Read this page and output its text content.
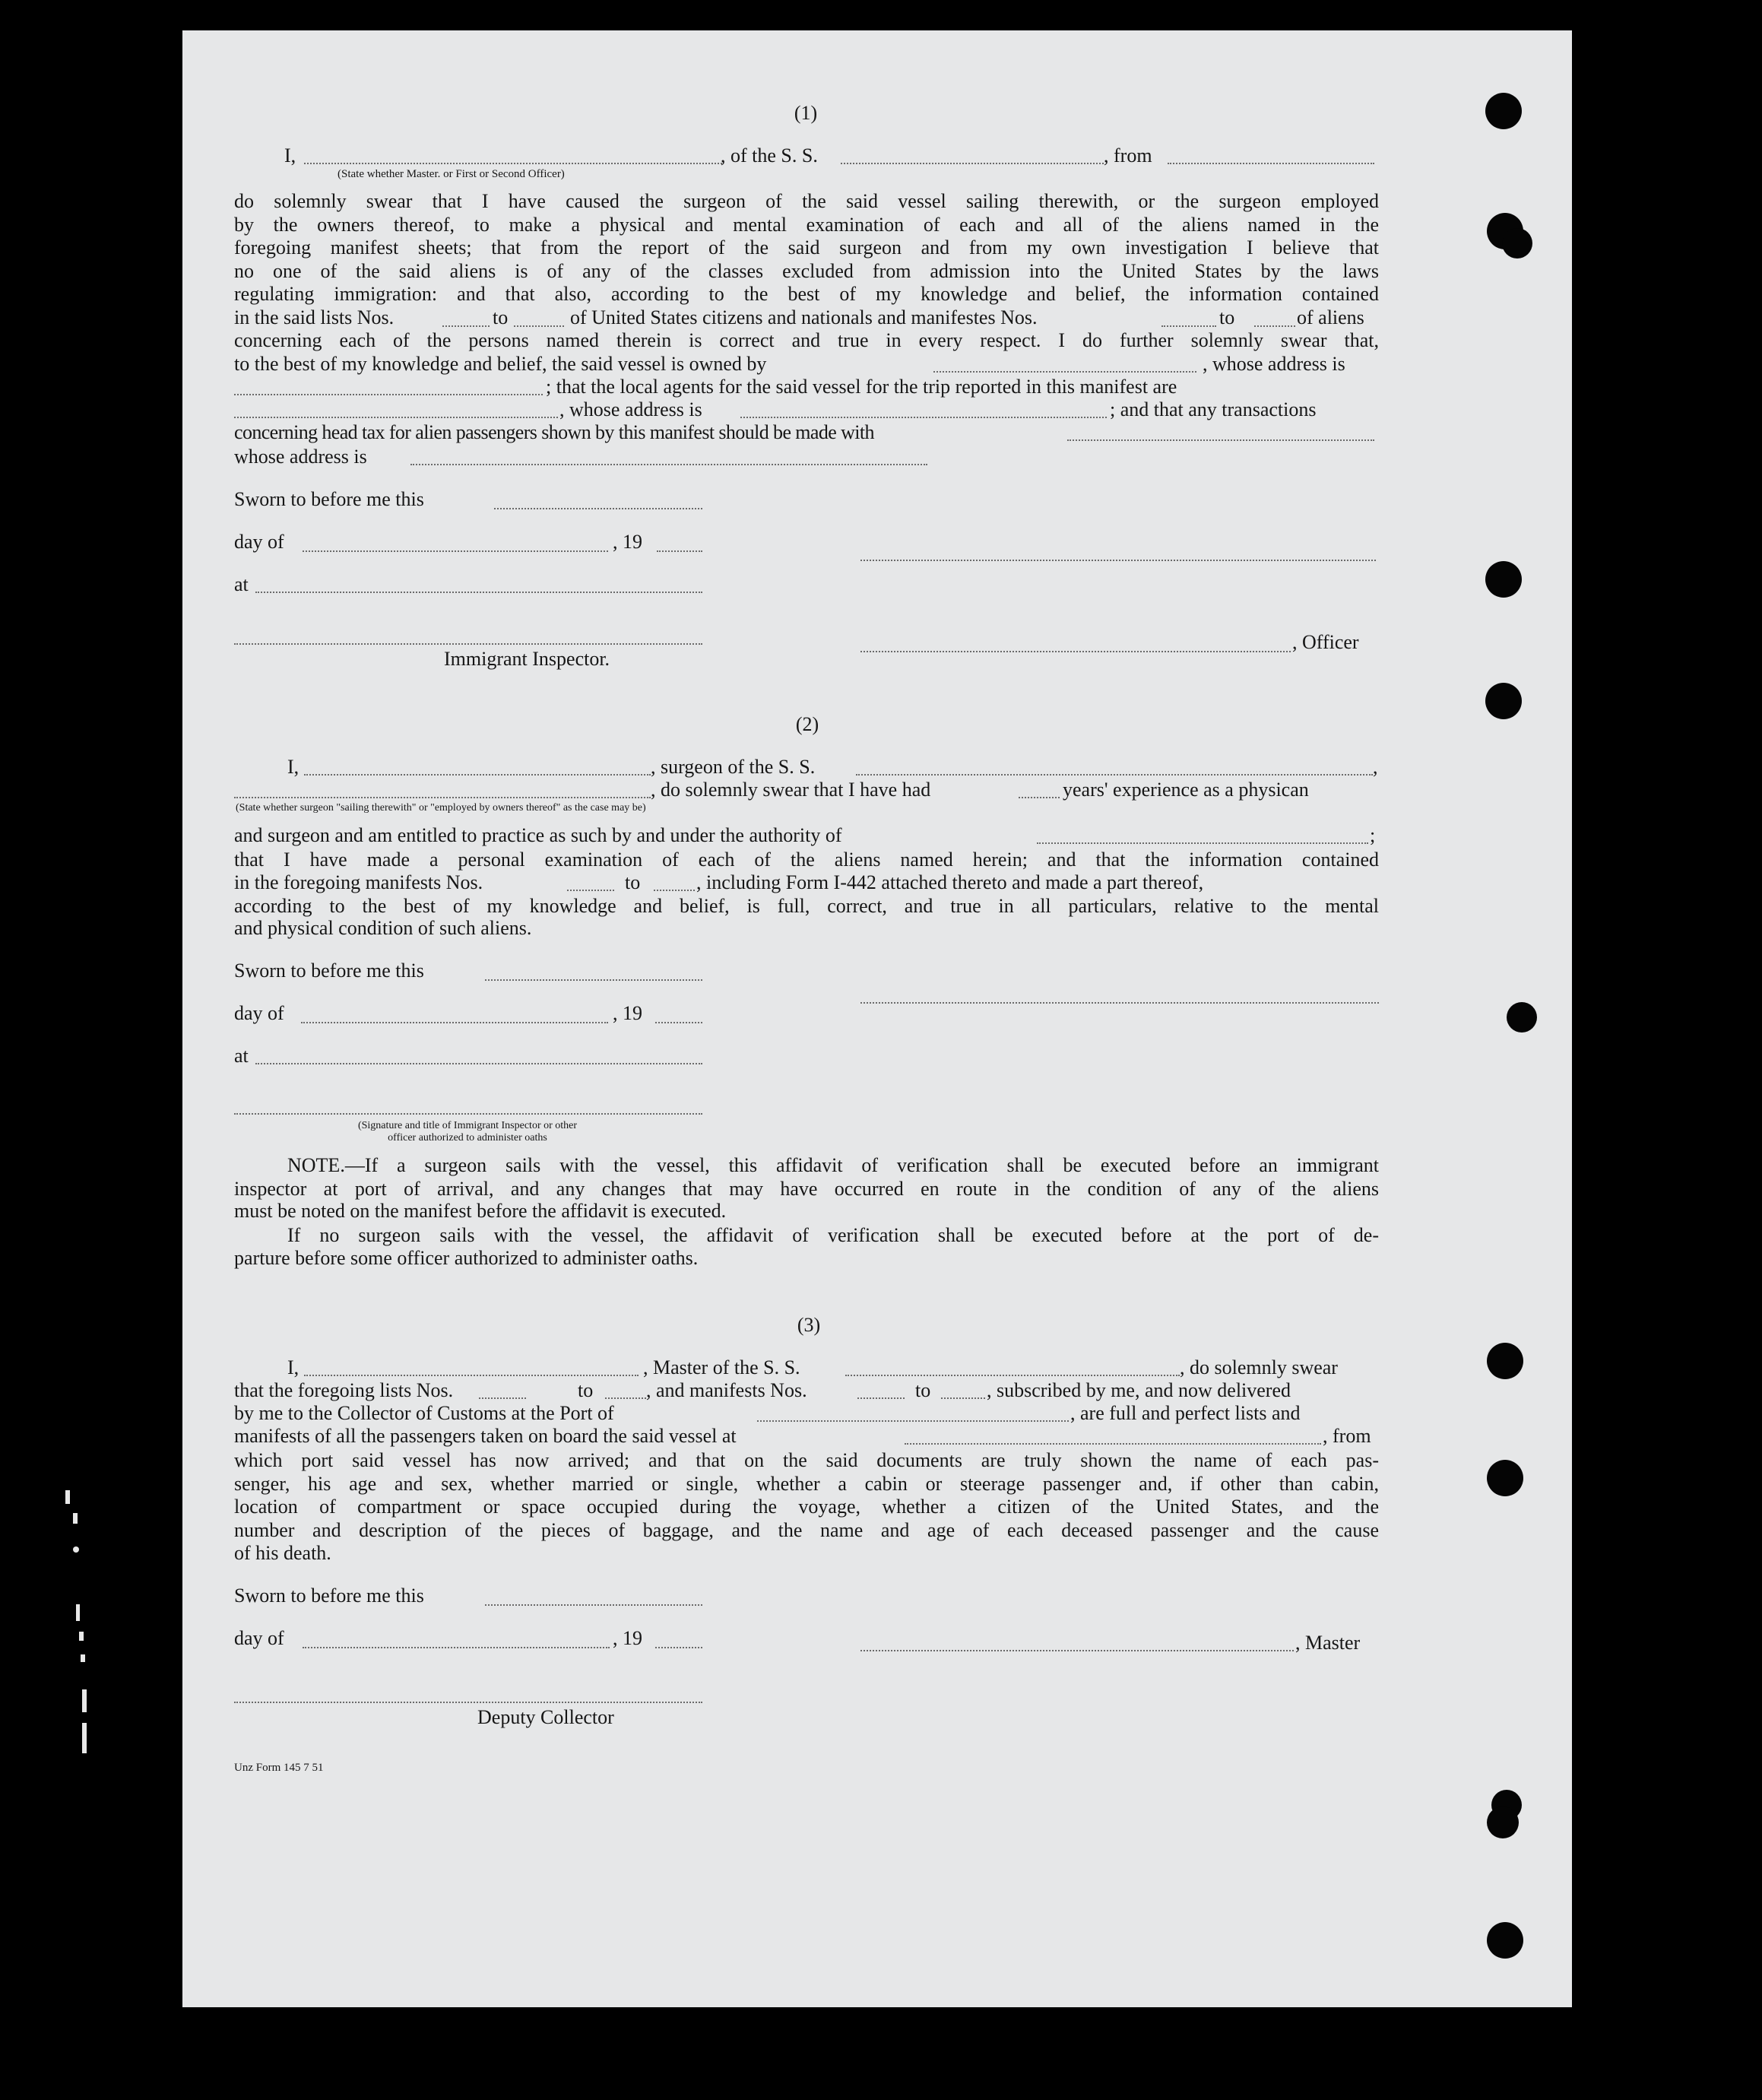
(1)
I,	, of the S. S.	, from
(State whether Master. or First or Second Officer)
do solemnly swear that I have caused the surgeon of the said vessel sailing therewith, or the surgeon employed
by the owners thereof, to make a physical and mental examination of each and all of the aliens named in the
foregoing manifest sheets; that from the report of the said surgeon and from my own investigation I believe that
no one of the said aliens is of any of the classes excluded from admission into the United States by the laws
regulating immigration: and that also, according to the best of my knowledge and belief, the information contained
in the said lists Nos.	to	of United States citizens and nationals and manifestes Nos.	to	of aliens
concerning each of the persons named therein is correct and true in every respect. I do further solemnly swear that,
to the best of my knowledge and belief, the said vessel is owned by	, whose address is
; that the local agents for the said vessel for the trip reported in this manifest are
, whose address is	; and that any transactions
concerning head tax for alien passengers shown by this manifest should be made with
whose address is
Sworn to before me this
day of	, 19
at
, Officer
Immigrant Inspector.
(2)
I,	, surgeon of the S. S.	,
, do solemnly swear that I have had	years' experience as a physican
(State whether surgeon "sailing therewith" or "employed by owners thereof" as the case may be)
and surgeon and am entitled to practice as such by and under the authority of	;
that I have made a personal examination of each of the aliens named herein; and that the information contained
in the foregoing manifests Nos.	to	, including Form I-442 attached thereto and made a part thereof,
according to the best of my knowledge and belief, is full, correct, and true in all particulars, relative to the mental
and physical condition of such aliens.
Sworn to before me this
day of	, 19
at
(Signature and title of Immigrant Inspector or other
officer authorized to administer oaths
NOTE.—If a surgeon sails with the vessel, this affidavit of verification shall be executed before an immigrant
inspector at port of arrival, and any changes that may have occurred en route in the condition of any of the aliens
must be noted on the manifest before the affidavit is executed.
If no surgeon sails with the vessel, the affidavit of verification shall be executed before at the port of de-
parture before some officer authorized to administer oaths.
(3)
I,	, Master of the S. S.	, do solemnly swear
that the foregoing lists Nos.	to	, and manifests Nos.	to	, subscribed by me, and now delivered
by me to the Collector of Customs at the Port of	, are full and perfect lists and
manifests of all the passengers taken on board the said vessel at	, from
which port said vessel has now arrived; and that on the said documents are truly shown the name of each pas-
senger, his age and sex, whether married or single, whether a cabin or steerage passenger and, if other than cabin,
location of compartment or space occupied during the voyage, whether a citizen of the United States, and the
number and description of the pieces of baggage, and the name and age of each deceased passenger and the cause
of his death.
Sworn to before me this
day of	, 19	, Master
Deputy Collector
Unz Form 145 7 51
